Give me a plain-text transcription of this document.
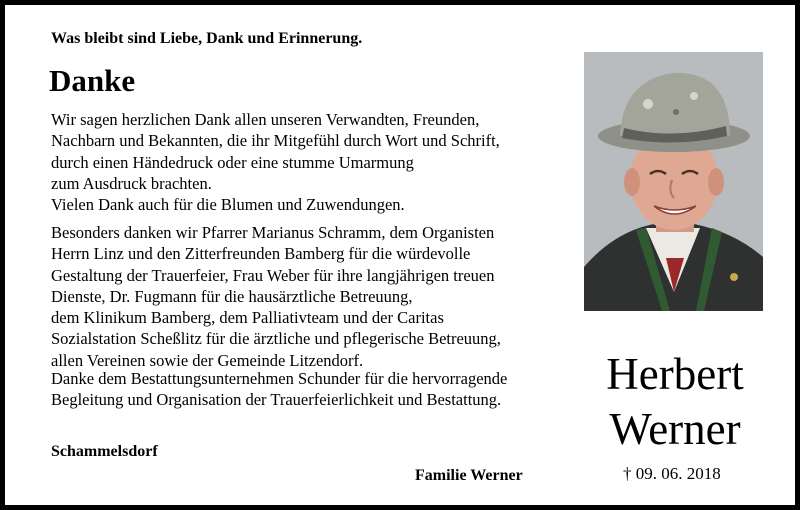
Was bleibt sind Liebe, Dank und Erinnerung.
Danke
Wir sagen herzlichen Dank allen unseren Verwandten, Freunden,
Nachbarn und Bekannten, die ihr Mitgefühl durch Wort und Schrift,
durch einen Händedruck oder eine stumme Umarmung
zum Ausdruck brachten.
Vielen Dank auch für die Blumen und Zuwendungen.
Besonders danken wir Pfarrer Marianus Schramm, dem Organisten
Herrn Linz und den Zitterfreunden Bamberg für die würdevolle
Gestaltung der Trauerfeier, Frau Weber für ihre langjährigen treuen
Dienste, Dr. Fugmann für die hausärztliche Betreuung,
dem Klinikum Bamberg, dem Palliativteam und der Caritas
Sozialstation Scheßlitz für die ärztliche und pflegerische Betreuung,
allen Vereinen sowie der Gemeinde Litzendorf.
Danke dem Bestattungsunternehmen Schunder für die hervorragende
Begleitung und Organisation der Trauerfeierlichkeit und Bestattung.
Schammelsdorf
Familie Werner
Herbert
Werner
† 09. 06. 2018
